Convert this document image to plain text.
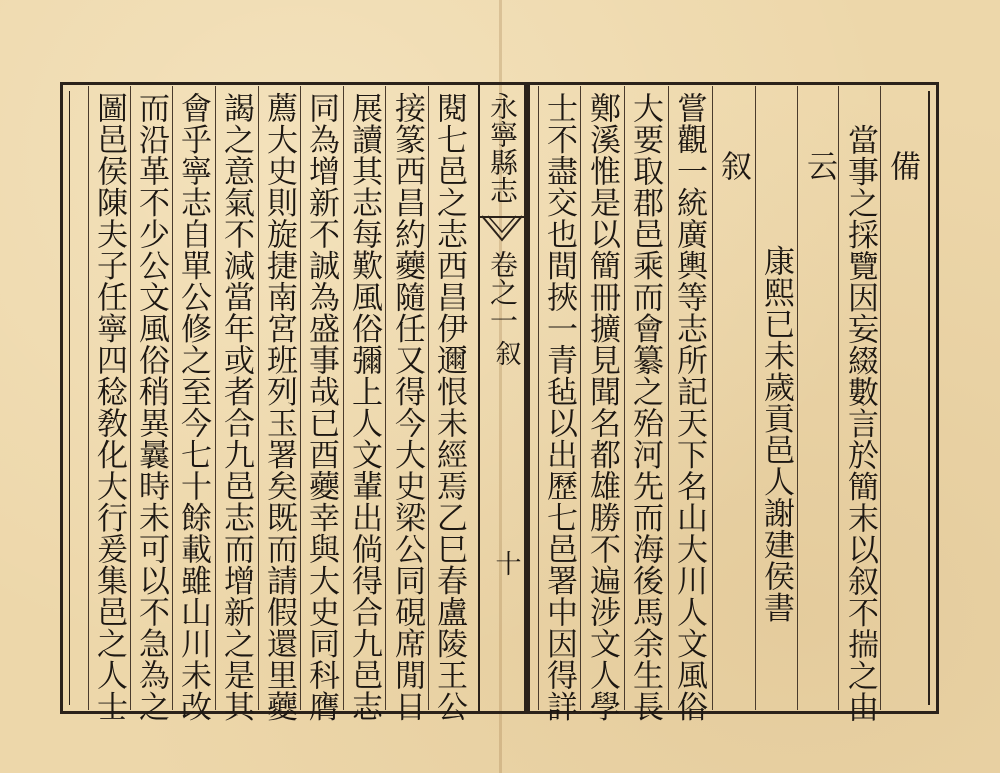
永寧縣志
卷之一
叙
十
備
當事之採覽因妄綴數言於簡末以叙不揣之由
云
康熙已未歲貢邑人謝建侯書
叙
嘗觀一統廣輿等志所記天下名山大川人文風俗
大要取郡邑乘而會纂之殆河先而海後馬余生長
鄭溪惟是以簡冊擴見聞名都雄勝不遍涉文人學
士不盡交也間挾一青毡以出歷七邑署中因得詳
閱七邑之志西昌伊邇恨未經焉乙巳春盧陵王公
接篆西昌約蘷隨任又得今大史梁公同硯席閒日
展讀其志每歎風俗彌上人文輩出倘得合九邑志
同為增新不誠為盛事哉已酉蘷幸與大史同科膺
薦大史則旋捷南宮班列玉署矣既而請假還里蘷
謁之意氣不減當年或者合九邑志而增新之是其
會乎寧志自單公修之至今七十餘載雖山川未改
而沿革不少公文風俗稍異曩時未可以不急為之
圖邑侯陳夫子任寧四稔敎化大行爰集邑之人士
